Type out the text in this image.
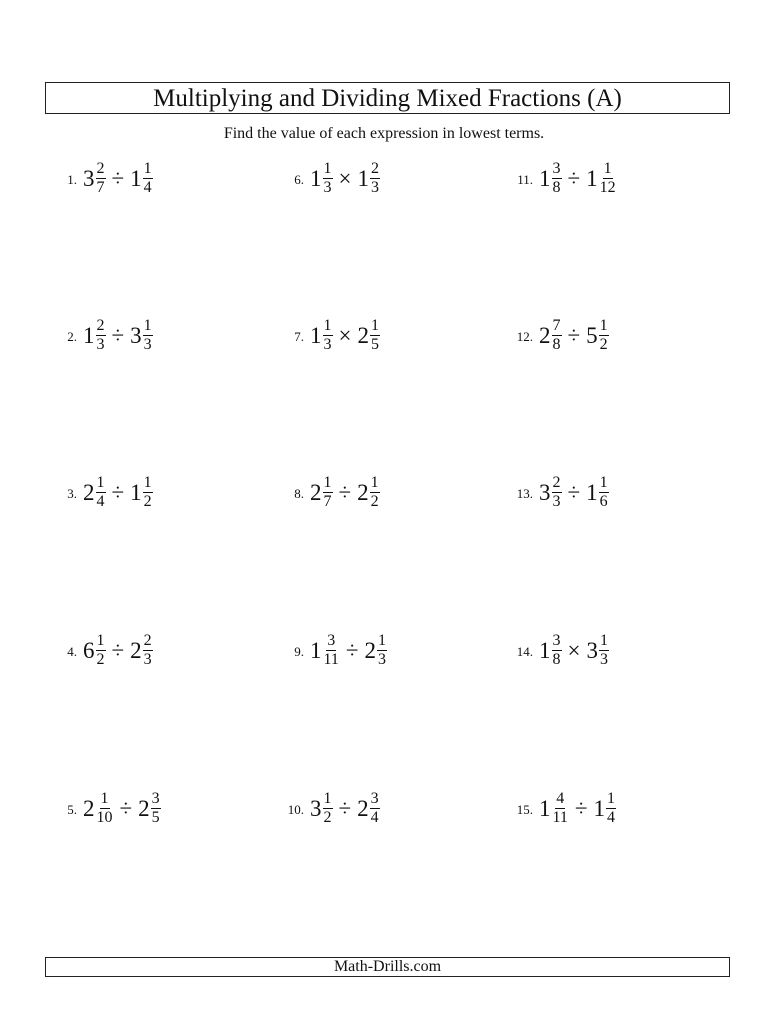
Multiplying and Dividing Mixed Fractions (A)
Find the value of each expression in lowest terms.
1. $3 \frac{2}{7} \div 1 \frac{1}{4}$
2. $1 \frac{2}{3} \div 3 \frac{1}{3}$
3. $2 \frac{1}{4} \div 1 \frac{1}{2}$
4. $6 \frac{1}{2} \div 2 \frac{2}{3}$
5. $2 \frac{1}{10} \div 2 \frac{3}{5}$
6. $1 \frac{1}{3} \times 1 \frac{2}{3}$
7. $1 \frac{1}{3} \times 2 \frac{1}{5}$
8. $2 \frac{1}{7} \div 2 \frac{1}{2}$
9. $1 \frac{3}{11} \div 2 \frac{1}{3}$
10. $3 \frac{1}{2} \div 2 \frac{3}{4}$
11. $1 \frac{3}{8} \div 1 \frac{1}{12}$
12. $2 \frac{7}{8} \div 5 \frac{1}{2}$
13. $3 \frac{2}{3} \div 1 \frac{1}{6}$
14. $1 \frac{3}{8} \times 3 \frac{1}{3}$
15. $1 \frac{4}{11} \div 1 \frac{1}{4}$
Math-Drills.com
